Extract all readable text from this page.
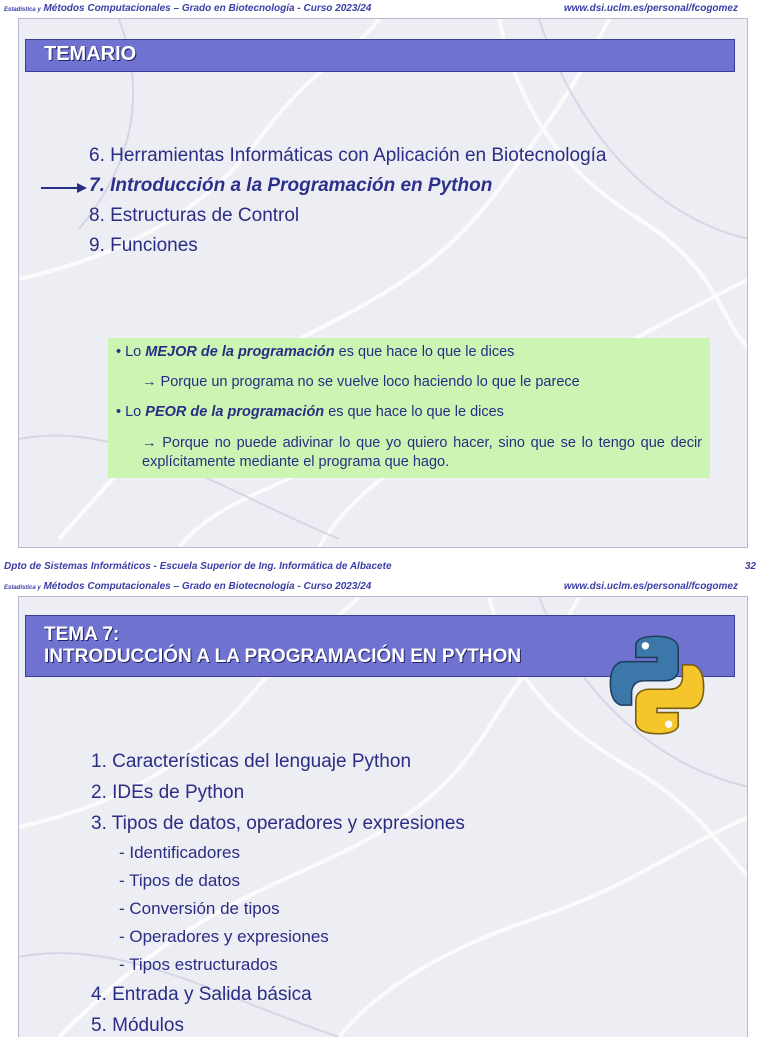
Estadística y Métodos Computacionales – Grado en Biotecnología - Curso 2023/24	www.dsi.uclm.es/personal/fcogomez
TEMARIO
6. Herramientas Informáticas con Aplicación en Biotecnología
7. Introducción a la Programación en Python
8. Estructuras de Control
9. Funciones
• Lo MEJOR de la programación es que hace lo que le dices
→ Porque un programa no se vuelve loco haciendo lo que le parece
• Lo PEOR de la programación es que hace lo que le dices
→ Porque no puede adivinar lo que yo quiero hacer, sino que se lo tengo que decir explícitamente mediante el programa que hago.
Dpto de Sistemas Informáticos - Escuela Superior de Ing. Informática de Albacete	32
Estadística y Métodos Computacionales – Grado en Biotecnología - Curso 2023/24	www.dsi.uclm.es/personal/fcogomez
TEMA 7:
INTRODUCCIÓN A LA PROGRAMACIÓN EN PYTHON
1. Características del lenguaje Python
2. IDEs de Python
3. Tipos de datos, operadores y expresiones
- Identificadores
- Tipos de datos
- Conversión de tipos
- Operadores y expresiones
- Tipos estructurados
4. Entrada y Salida básica
5. Módulos
